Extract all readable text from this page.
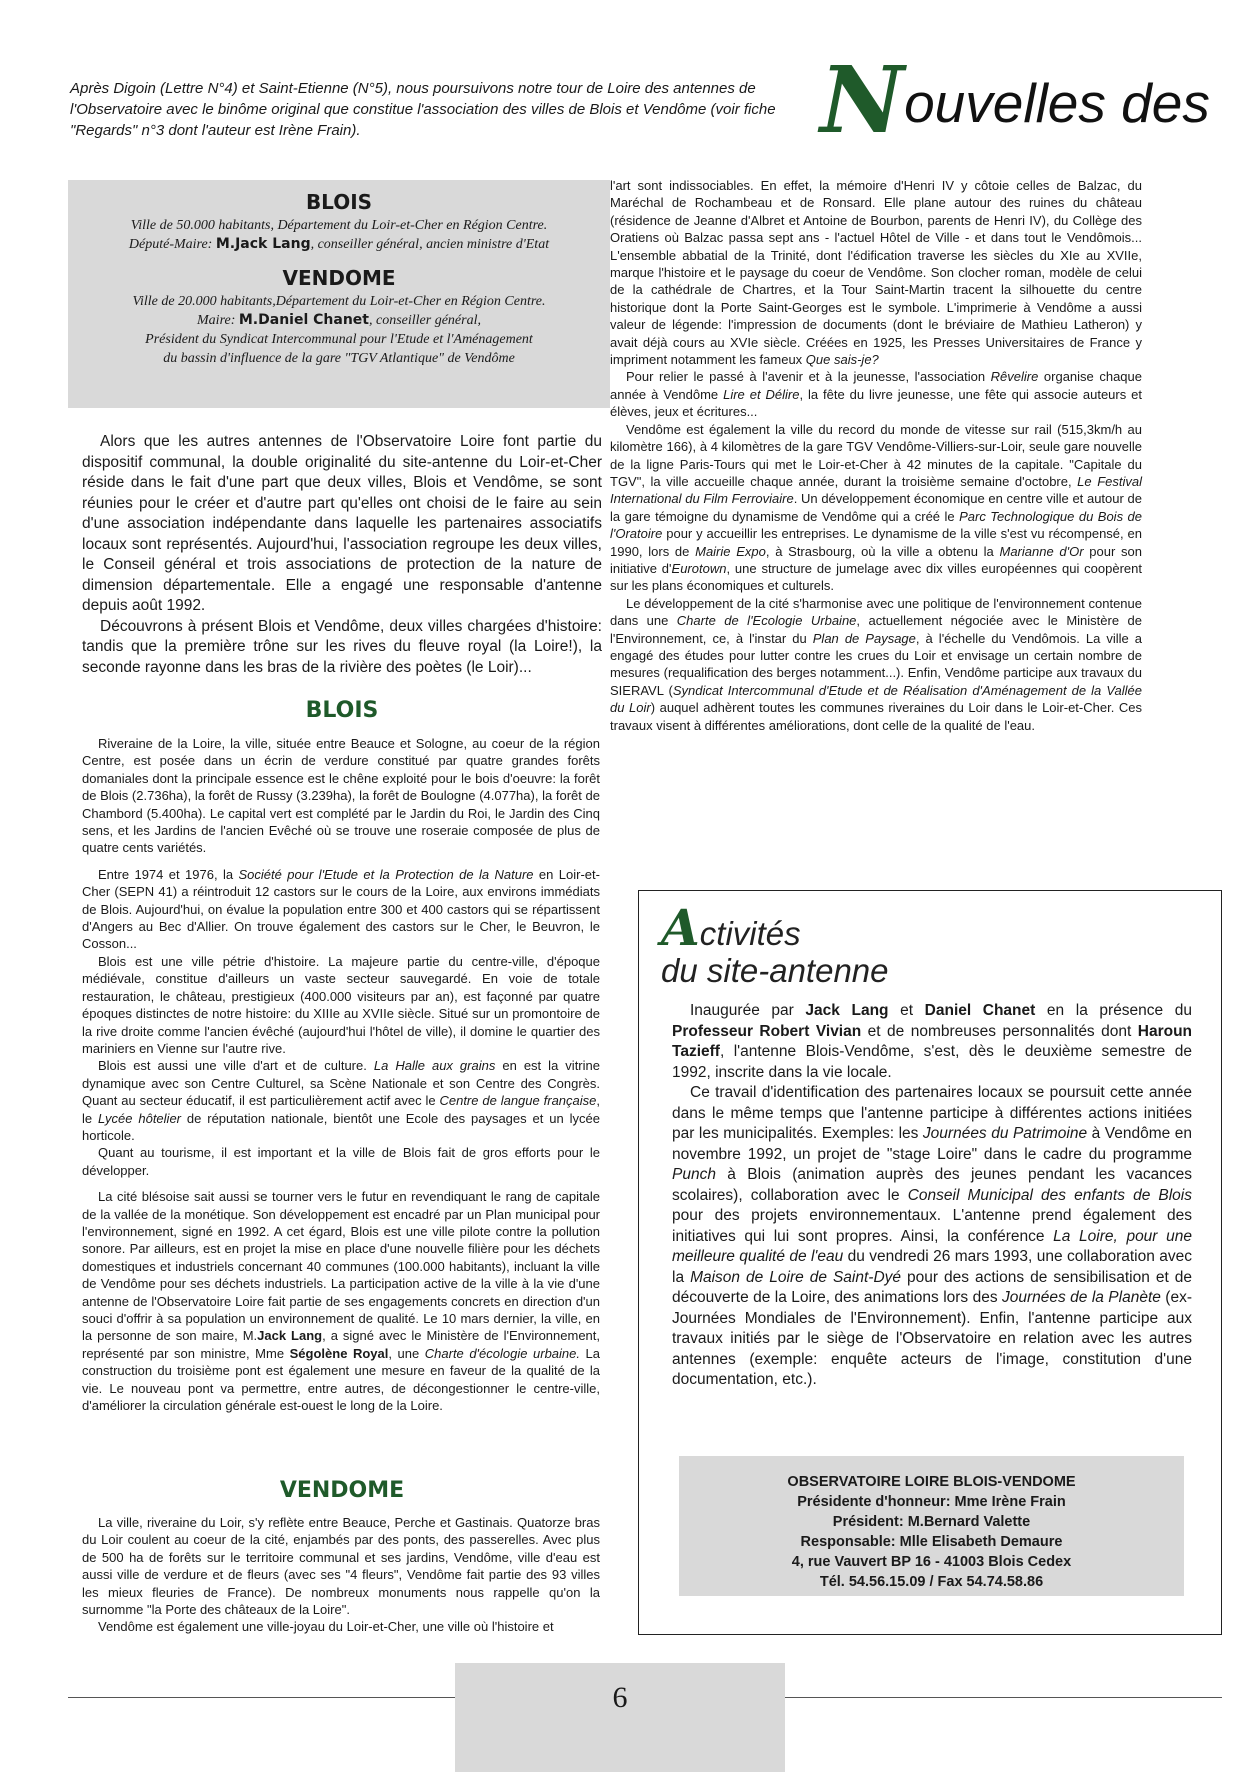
Après Digoin (Lettre N°4) et Saint-Etienne (N°5), nous poursuivons notre tour de Loire des antennes de l'Observatoire avec le binôme original que constitue l'association des villes de Blois et Vendôme (voir fiche "Regards" n°3 dont l'auteur est Irène Frain).	Nouvelles des
BLOIS
Ville de 50.000 habitants, Département du Loir-et-Cher en Région Centre.
Député-Maire: M.Jack Lang, conseiller général, ancien ministre d'Etat
VENDOME
Ville de 20.000 habitants,Département du Loir-et-Cher en Région Centre.
Maire: M.Daniel Chanet, conseiller général,
Président du Syndicat Intercommunal pour l'Etude et l'Aménagement
du bassin d'influence de la gare "TGV Atlantique" de Vendôme

Alors que les autres antennes de l'Observatoire Loire font partie du dispositif communal, la double originalité du site-antenne du Loir-et-Cher réside dans le fait d'une part que deux villes, Blois et Vendôme, se sont réunies pour le créer et d'autre part qu'elles ont choisi de le faire au sein d'une association indépendante dans laquelle les partenaires associatifs locaux sont représentés. Aujourd'hui, l'association regroupe les deux villes, le Conseil général et trois associations de protection de la nature de dimension départementale. Elle a engagé une responsable d'antenne depuis août 1992.

Découvrons à présent Blois et Vendôme, deux villes chargées d'histoire: tandis que la première trône sur les rives du fleuve royal (la Loire!), la seconde rayonne dans les bras de la rivière des poètes (le Loir)...

BLOIS

Riveraine de la Loire, la ville, située entre Beauce et Sologne, au coeur de la région Centre, est posée dans un écrin de verdure constitué par quatre grandes forêts domaniales dont la principale essence est le chêne exploité pour le bois d'oeuvre: la forêt de Blois (2.736ha), la forêt de Russy (3.239ha), la forêt de Boulogne (4.077ha), la forêt de Chambord (5.400ha). Le capital vert est complété par le Jardin du Roi, le Jardin des Cinq sens, et les Jardins de l'ancien Evêché où se trouve une roseraie composée de plus de quatre cents variétés.

Entre 1974 et 1976, la Société pour l'Etude et la Protection de la Nature en Loir-et-Cher (SEPN 41) a réintroduit 12 castors sur le cours de la Loire, aux environs immédiats de Blois. Aujourd'hui, on évalue la population entre 300 et 400 castors qui se répartissent d'Angers au Bec d'Allier. On trouve également des castors sur le Cher, le Beuvron, le Cosson...

Blois est une ville pétrie d'histoire. La majeure partie du centre-ville, d'époque médiévale, constitue d'ailleurs un vaste secteur sauvegardé. En voie de totale restauration, le château, prestigieux (400.000 visiteurs par an), est façonné par quatre époques distinctes de notre histoire: du XIIIe au XVIIe siècle. Situé sur un promontoire de la rive droite comme l'ancien évêché (aujourd'hui l'hôtel de ville), il domine le quartier des mariniers en Vienne sur l'autre rive.

Blois est aussi une ville d'art et de culture. La Halle aux grains en est la vitrine dynamique avec son Centre Culturel, sa Scène Nationale et son Centre des Congrès. Quant au secteur éducatif, il est particulièrement actif avec le Centre de langue française, le Lycée hôtelier de réputation nationale, bientôt une Ecole des paysages et un lycée horticole.

Quant au tourisme, il est important et la ville de Blois fait de gros efforts pour le développer.

La cité blésoise sait aussi se tourner vers le futur en revendiquant le rang de capitale de la vallée de la monétique. Son développement est encadré par un Plan municipal pour l'environnement, signé en 1992. A cet égard, Blois est une ville pilote contre la pollution sonore. Par ailleurs, est en projet la mise en place d'une nouvelle filière pour les déchets domestiques et industriels concernant 40 communes (100.000 habitants), incluant la ville de Vendôme pour ses déchets industriels. La participation active de la ville à la vie d'une antenne de l'Observatoire Loire fait partie de ses engagements concrets en direction d'un souci d'offrir à sa population un environnement de qualité. Le 10 mars dernier, la ville, en la personne de son maire, M.Jack Lang, a signé avec le Ministère de l'Environnement, représenté par son ministre, Mme Ségolène Royal, une Charte d'écologie urbaine. La construction du troisième pont est également une mesure en faveur de la qualité de la vie. Le nouveau pont va permettre, entre autres, de décongestionner le centre-ville, d'améliorer la circulation générale est-ouest le long de la Loire.

VENDOME

La ville, riveraine du Loir, s'y reflète entre Beauce, Perche et Gastinais. Quatorze bras du Loir coulent au coeur de la cité, enjambés par des ponts, des passerelles. Avec plus de 500 ha de forêts sur le territoire communal et ses jardins, Vendôme, ville d'eau est aussi ville de verdure et de fleurs (avec ses "4 fleurs", Vendôme fait partie des 93 villes les mieux fleuries de France). De nombreux monuments nous rappelle qu'on la surnomme "la Porte des châteaux de la Loire".

Vendôme est également une ville-joyau du Loir-et-Cher, une ville où l'histoire et

l'art sont indissociables. En effet, la mémoire d'Henri IV y côtoie celles de Balzac, du Maréchal de Rochambeau et de Ronsard. Elle plane autour des ruines du château (résidence de Jeanne d'Albret et Antoine de Bourbon, parents de Henri IV), du Collège des Oratiens où Balzac passa sept ans - l'actuel Hôtel de Ville - et dans tout le Vendômois... L'ensemble abbatial de la Trinité, dont l'édification traverse les siècles du XIe au XVIIe, marque l'histoire et le paysage du coeur de Vendôme. Son clocher roman, modèle de celui de la cathédrale de Chartres, et la Tour Saint-Martin tracent la silhouette du centre historique dont la Porte Saint-Georges est le symbole. L'imprimerie à Vendôme a aussi valeur de légende: l'impression de documents (dont le bréviaire de Mathieu Latheron) y avait déjà cours au XVIe siècle. Créées en 1925, les Presses Universitaires de France y impriment notamment les fameux Que sais-je?

Pour relier le passé à l'avenir et à la jeunesse, l'association Rêvelire organise chaque année à Vendôme Lire et Délire, la fête du livre jeunesse, une fête qui associe auteurs et élèves, jeux et écritures...

Vendôme est également la ville du record du monde de vitesse sur rail (515,3km/h au kilomètre 166), à 4 kilomètres de la gare TGV Vendôme-Villiers-sur-Loir, seule gare nouvelle de la ligne Paris-Tours qui met le Loir-et-Cher à 42 minutes de la capitale. "Capitale du TGV", la ville accueille chaque année, durant la troisième semaine d'octobre, Le Festival International du Film Ferroviaire. Un développement économique en centre ville et autour de la gare témoigne du dynamisme de Vendôme qui a créé le Parc Technologique du Bois de l'Oratoire pour y accueillir les entreprises. Le dynamisme de la ville s'est vu récompensé, en 1990, lors de Mairie Expo, à Strasbourg, où la ville a obtenu la Marianne d'Or pour son initiative d'Eurotown, une structure de jumelage avec dix villes européennes qui coopèrent sur les plans économiques et culturels.

Le développement de la cité s'harmonise avec une politique de l'environnement contenue dans une Charte de l'Ecologie Urbaine, actuellement négociée avec le Ministère de l'Environnement, ce, à l'instar du Plan de Paysage, à l'échelle du Vendômois. La ville a engagé des études pour lutter contre les crues du Loir et envisage un certain nombre de mesures (requalification des berges notamment...). Enfin, Vendôme participe aux travaux du SIERAVL (Syndicat Intercommunal d'Etude et de Réalisation d'Aménagement de la Vallée du Loir) auquel adhèrent toutes les communes riveraines du Loir dans le Loir-et-Cher. Ces travaux visent à différentes améliorations, dont celle de la qualité de l'eau.

Activités
du site-antenne

Inaugurée par Jack Lang et Daniel Chanet en la présence du Professeur Robert Vivian et de nombreuses personnalités dont Haroun Tazieff, l'antenne Blois-Vendôme, s'est, dès le deuxième semestre de 1992, inscrite dans la vie locale.

Ce travail d'identification des partenaires locaux se poursuit cette année dans le même temps que l'antenne participe à différentes actions initiées par les municipalités. Exemples: les Journées du Patrimoine à Vendôme en novembre 1992, un projet de "stage Loire" dans le cadre du programme Punch à Blois (animation auprès des jeunes pendant les vacances scolaires), collaboration avec le Conseil Municipal des enfants de Blois pour des projets environnementaux. L'antenne prend également des initiatives qui lui sont propres. Ainsi, la conférence La Loire, pour une meilleure qualité de l'eau du vendredi 26 mars 1993, une collaboration avec la Maison de Loire de Saint-Dyé pour des actions de sensibilisation et de découverte de la Loire, des animations lors des Journées de la Planète (ex-Journées Mondiales de l'Environnement). Enfin, l'antenne participe aux travaux initiés par le siège de l'Observatoire en relation avec les autres antennes (exemple: enquête acteurs de l'image, constitution d'une documentation, etc.).

OBSERVATOIRE LOIRE BLOIS-VENDOME
Présidente d'honneur: Mme Irène Frain
Président: M.Bernard Valette
Responsable: Mlle Elisabeth Demaure
4, rue Vauvert BP 16 - 41003 Blois Cedex
Tél. 54.56.15.09 / Fax 54.74.58.86
6
